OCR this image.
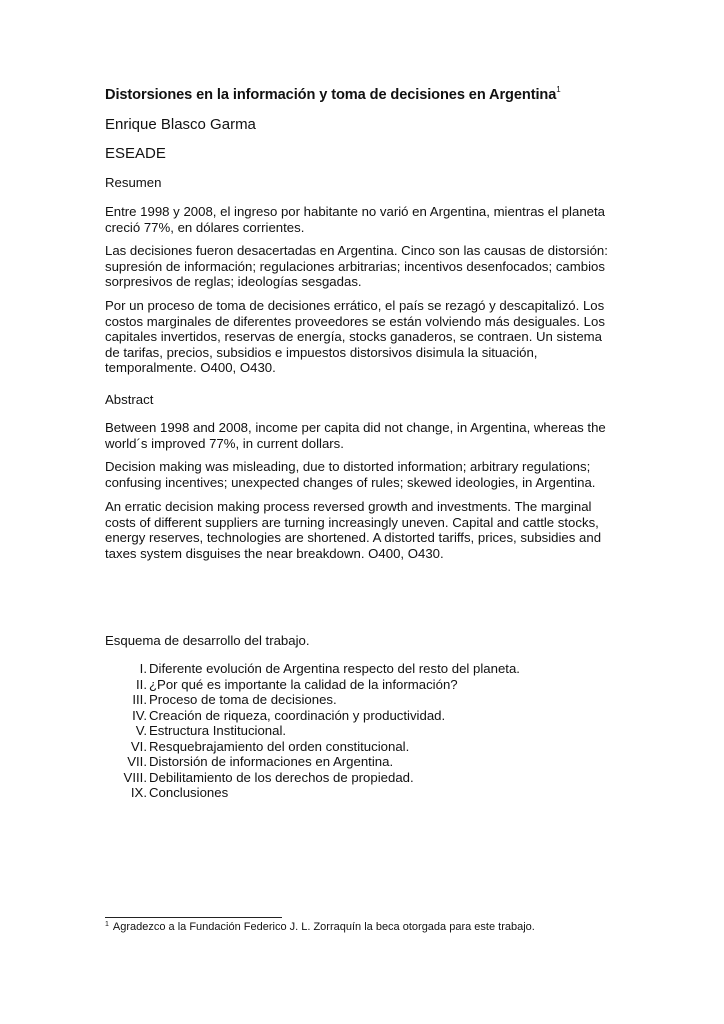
Distorsiones en la información y toma de decisiones en Argentina$^1$
Enrique Blasco Garma
ESEADE
Resumen
Entre 1998 y 2008, el ingreso por habitante no varió en Argentina, mientras el planeta
creció 77%, en dólares corrientes.
Las decisiones fueron desacertadas en Argentina. Cinco son las causas de distorsión:
supresión de información; regulaciones arbitrarias; incentivos desenfocados; cambios
sorpresivos de reglas; ideologías sesgadas.
Por un proceso de toma de decisiones errático, el país se rezagó y descapitalizó. Los
costos marginales de diferentes proveedores se están volviendo más desiguales. Los
capitales invertidos, reservas de energía, stocks ganaderos, se contraen. Un sistema
de tarifas, precios, subsidios e impuestos distorsivos disimula la situación,
temporalmente. O400, O430.
Abstract
Between 1998 and 2008, income per capita did not change, in Argentina, whereas the
world´s improved 77%, in current dollars.
Decision making was misleading, due to distorted information; arbitrary regulations;
confusing incentives; unexpected changes of rules; skewed ideologies, in Argentina.
An erratic decision making process reversed growth and investments. The marginal
costs of different suppliers are turning increasingly uneven. Capital and cattle stocks,
energy reserves, technologies are shortened. A distorted tariffs, prices, subsidies and
taxes system disguises the near breakdown. O400, O430.
Esquema de desarrollo del trabajo.
I. Diferente evolución de Argentina respecto del resto del planeta.
II. ¿Por qué es importante la calidad de la información?
III. Proceso de toma de decisiones.
IV. Creación de riqueza, coordinación y productividad.
V. Estructura Institucional.
VI. Resquebrajamiento del orden constitucional.
VII. Distorsión de informaciones en Argentina.
VIII. Debilitamiento de los derechos de propiedad.
IX. Conclusiones
$^1$ Agradezco a la Fundación Federico J. L. Zorraquín la beca otorgada para este trabajo.
